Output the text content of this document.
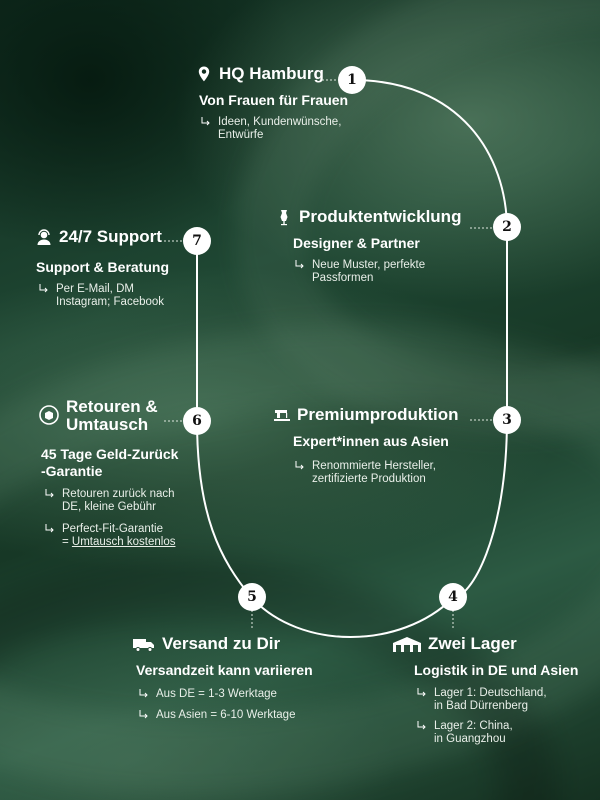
1
HQ Hamburg
Von Frauen für Frauen
Ideen, Kundenwünsche,
Entwürfe
2
Produktentwicklung
Designer & Partner
Neue Muster, perfekte
Passformen
3
Premiumproduktion
Expert*innen aus Asien
Renommierte Hersteller,
zertifizierte Produktion
4
Zwei Lager
Logistik in DE und Asien
Lager 1: Deutschland,
in Bad Dürrenberg
Lager 2: China,
in Guangzhou
5
Versand zu Dir
Versandzeit kann variieren
Aus DE = 1-3 Werktage
Aus Asien = 6-10 Werktage
6
Retouren &
Umtausch
45 Tage Geld-Zurück
-Garantie
Retouren zurück nach
DE, kleine Gebühr
Perfect-Fit-Garantie
= Umtausch kostenlos
7
24/7 Support
Support & Beratung
Per E-Mail, DM
Instagram; Facebook
